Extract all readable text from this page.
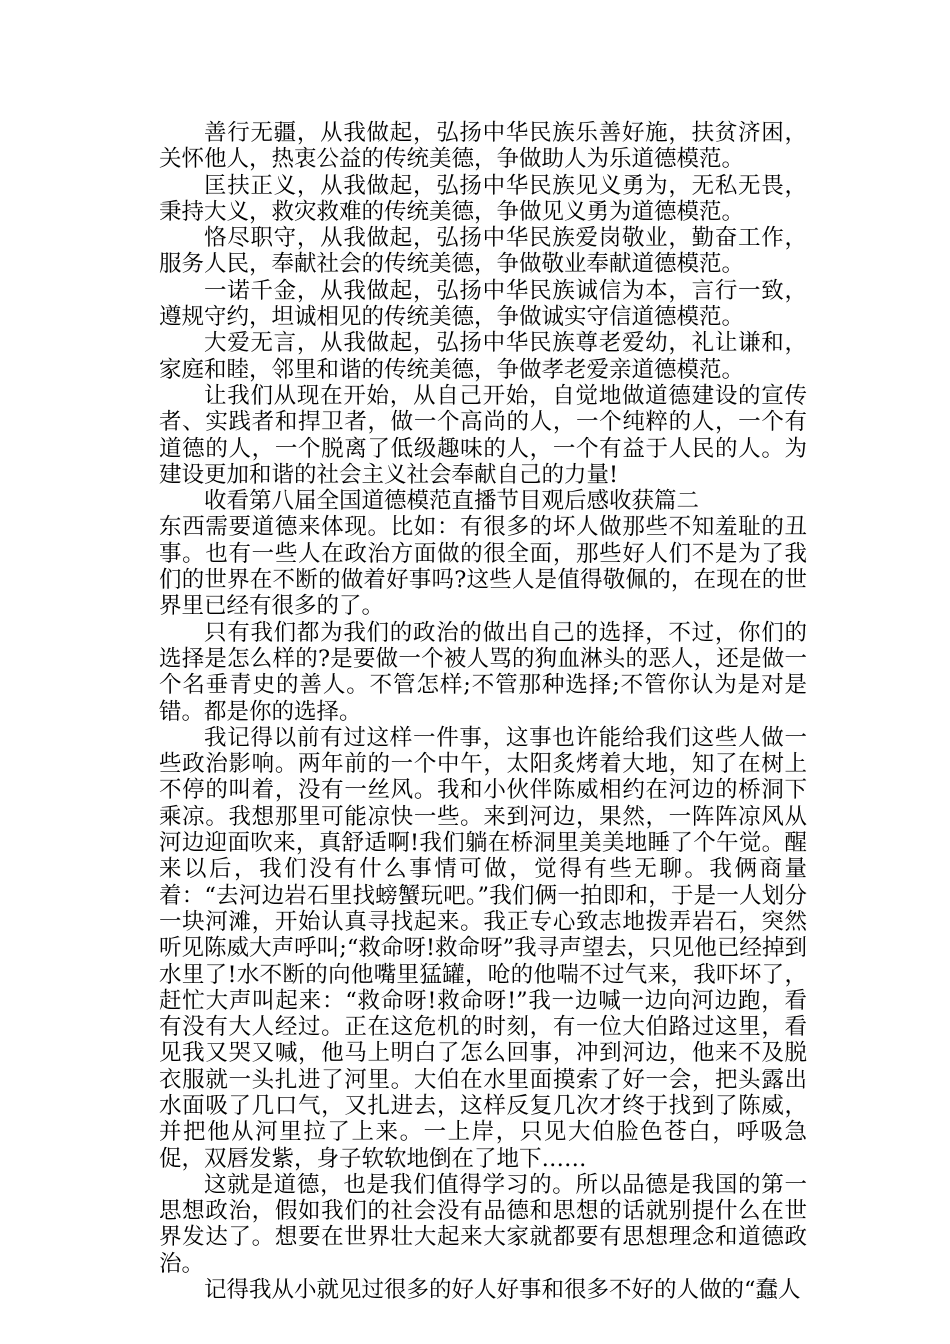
善行无疆，从我做起，弘扬中华民族乐善好施，扶贫济困，关怀他人，热衷公益的传统美德，争做助人为乐道德模范。

匡扶正义，从我做起，弘扬中华民族见义勇为，无私无畏，秉持大义，救灾救难的传统美德，争做见义勇为道德模范。

恪尽职守，从我做起，弘扬中华民族爱岗敬业，勤奋工作，服务人民，奉献社会的传统美德，争做敬业奉献道德模范。

一诺千金，从我做起，弘扬中华民族诚信为本，言行一致，遵规守约，坦诚相见的传统美德，争做诚实守信道德模范。

大爱无言，从我做起，弘扬中华民族尊老爱幼，礼让谦和，家庭和睦，邻里和谐的传统美德，争做孝老爱亲道德模范。

让我们从现在开始，从自己开始，自觉地做道德建设的宣传者、实践者和捍卫者，做一个高尚的人，一个纯粹的人，一个有道德的人，一个脱离了低级趣味的人，一个有益于人民的人。为建设更加和谐的社会主义社会奉献自己的力量!

收看第八届全国道德模范直播节目观后感收获篇二

东西需要道德来体现。比如：有很多的坏人做那些不知羞耻的丑事。也有一些人在政治方面做的很全面，那些好人们不是为了我们的世界在不断的做着好事吗?这些人是值得敬佩的，在现在的世界里已经有很多的了。

只有我们都为我们的政治的做出自己的选择，不过，你们的选择是怎么样的?是要做一个被人骂的狗血淋头的恶人，还是做一个名垂青史的善人。不管怎样;不管那种选择;不管你认为是对是错。都是你的选择。

我记得以前有过这样一件事，这事也许能给我们这些人做一些政治影响。两年前的一个中午，太阳炙烤着大地，知了在树上不停的叫着，没有一丝风。我和小伙伴陈威相约在河边的桥洞下乘凉。我想那里可能凉快一些。来到河边，果然，一阵阵凉风从河边迎面吹来，真舒适啊!我们躺在桥洞里美美地睡了个午觉。醒来以后，我们没有什么事情可做，觉得有些无聊。我俩商量着：“去河边岩石里找螃蟹玩吧。”我们俩一拍即和，于是一人划分一块河滩，开始认真寻找起来。我正专心致志地拨弄岩石，突然听见陈威大声呼叫;“救命呀!救命呀”我寻声望去，只见他已经掉到水里了!水不断的向他嘴里猛罐，呛的他喘不过气来，我吓坏了，赶忙大声叫起来：“救命呀!救命呀!”我一边喊一边向河边跑，看有没有大人经过。正在这危机的时刻，有一位大伯路过这里，看见我又哭又喊，他马上明白了怎么回事，冲到河边，他来不及脱衣服就一头扎进了河里。大伯在水里面摸索了好一会，把头露出水面吸了几口气，又扎进去，这样反复几次才终于找到了陈威，并把他从河里拉了上来。一上岸，只见大伯脸色苍白，呼吸急促，双唇发紫，身子软软地倒在了地下……

这就是道德，也是我们值得学习的。所以品德是我国的第一思想政治，假如我们的社会没有品德和思想的话就别提什么在世界发达了。想要在世界壮大起来大家就都要有思想理念和道德政治。

记得我从小就见过很多的好人好事和很多不好的人做的“蠢人
